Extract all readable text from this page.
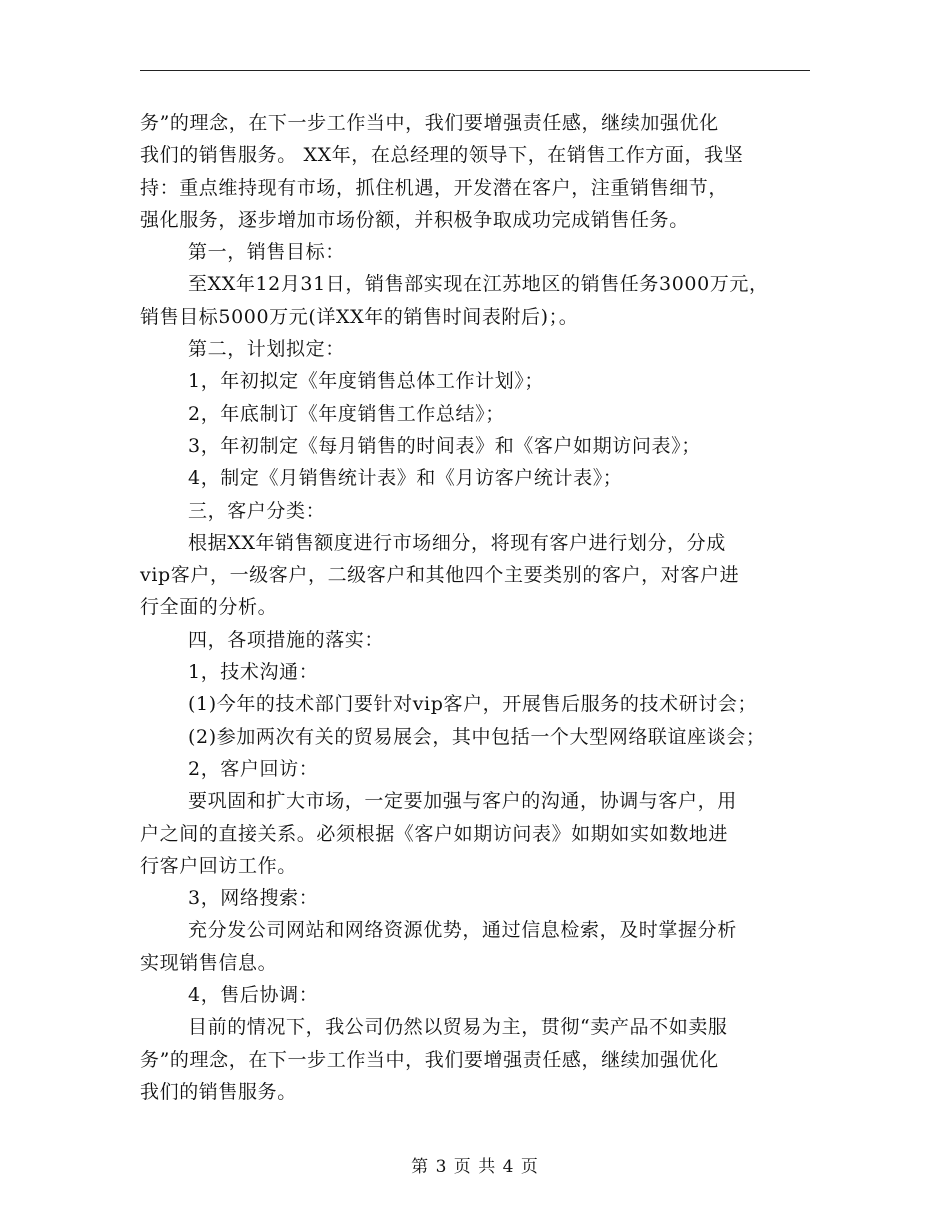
务”的理念，在下一步工作当中，我们要增强责任感，继续加强优化
我们的销售服务。 XX年，在总经理的领导下，在销售工作方面，我坚
持：重点维持现有市场，抓住机遇，开发潜在客户，注重销售细节，
强化服务，逐步增加市场份额，并积极争取成功完成销售任务。
第一，销售目标：
至XX年12月31日，销售部实现在江苏地区的销售任务3000万元，
销售目标5000万元(详XX年的销售时间表附后)；。
第二，计划拟定：
1，年初拟定《年度销售总体工作计划》；
2，年底制订《年度销售工作总结》；
3，年初制定《每月销售的时间表》和《客户如期访问表》；
4，制定《月销售统计表》和《月访客户统计表》；
三，客户分类：
根据XX年销售额度进行市场细分，将现有客户进行划分，分成
vip客户，一级客户，二级客户和其他四个主要类别的客户，对客户进
行全面的分析。
四，各项措施的落实：
1，技术沟通：
(1)今年的技术部门要针对vip客户，开展售后服务的技术研讨会；
(2)参加两次有关的贸易展会，其中包括一个大型网络联谊座谈会；
2，客户回访：
要巩固和扩大市场，一定要加强与客户的沟通，协调与客户，用
户之间的直接关系。必须根据《客户如期访问表》如期如实如数地进
行客户回访工作。
3，网络搜索：
充分发公司网站和网络资源优势，通过信息检索，及时掌握分析
实现销售信息。
4，售后协调：
目前的情况下，我公司仍然以贸易为主，贯彻“卖产品不如卖服
务”的理念，在下一步工作当中，我们要增强责任感，继续加强优化
我们的销售服务。
第 3 页 共 4 页
